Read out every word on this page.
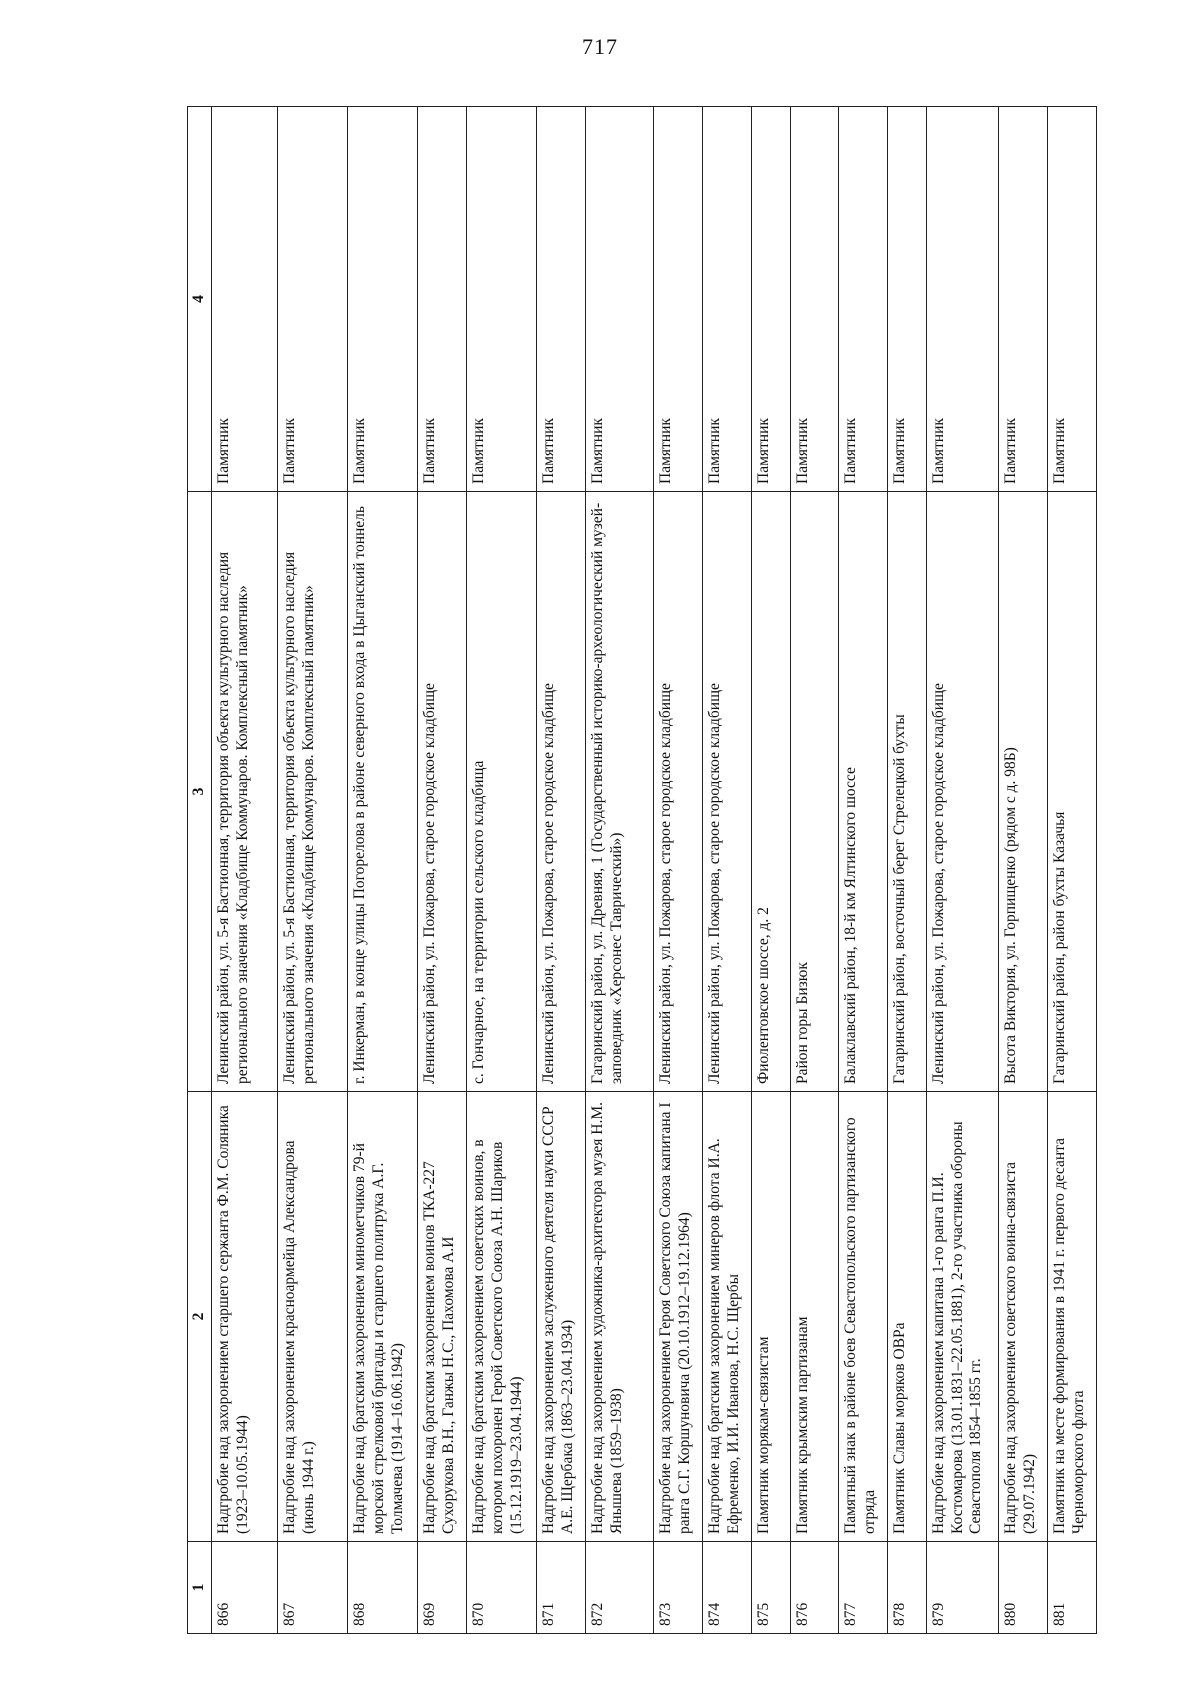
717
1	2	3	4
866	Надгробие над захоронением старшего сержанта Ф.М. Соляника (1923–10.05.1944)	Ленинский район, ул. 5-я Бастионная, территория объекта культурного наследия регионального значения «Кладбище Коммунаров. Комплексный памятник»	Памятник
867	Надгробие над захоронением красноармейца Александрова (июнь 1944 г.)	Ленинский район, ул. 5-я Бастионная, территория объекта культурного наследия регионального значения «Кладбище Коммунаров. Комплексный памятник»	Памятник
868	Надгробие над братским захоронением минометчиков 79-й морской стрелковой бригады и старшего политрука А.Г. Толмачева (1914–16.06.1942)	г. Инкерман, в конце улицы Погорелова в районе северного входа в Цыганский тоннель	Памятник
869	Надгробие над братским захоронением воинов ТКА-227 Сухорукова В.Н., Ганжы Н.С., Пахомова А.И	Ленинский район, ул. Пожарова, старое городское кладбище	Памятник
870	Надгробие над братским захоронением советских воинов, в котором похоронен Герой Советского Союза А.Н. Шариков (15.12.1919–23.04.1944)	с. Гончарное, на территории сельского кладбища	Памятник
871	Надгробие над захоронением заслуженного деятеля науки СССР А.Е. Щербака (1863–23.04.1934)	Ленинский район, ул. Пожарова, старое городское кладбище	Памятник
872	Надгробие над захоронением художника-архитектора музея Н.М. Янышева (1859–1938)	Гагаринский район, ул. Древняя, 1 (Государственный историко-археологический музей-заповедник «Херсонес Таврический»)	Памятник
873	Надгробие над захоронением Героя Советского Союза капитана I ранга С.Г. Коршуновича (20.10.1912–19.12.1964)	Ленинский район, ул. Пожарова, старое городское кладбище	Памятник
874	Надгробие над братским захоронением минеров флота И.А. Ефременко, И.И. Иванова, Н.С. Щербы	Ленинский район, ул. Пожарова, старое городское кладбище	Памятник
875	Памятник морякам-связистам	Фиолентовское шоссе, д. 2	Памятник
876	Памятник крымским партизанам	Район горы Бизюк	Памятник
877	Памятный знак в районе боев Севастопольского партизанского отряда	Балаклавский район, 18-й км Ялтинского шоссе	Памятник
878	Памятник Славы моряков ОВРа	Гагаринский район, восточный берег Стрелецкой бухты	Памятник
879	Надгробие над захоронением капитана 1-го ранга П.И. Костомарова (13.01.1831–22.05.1881), 2-го участника обороны Севастополя 1854–1855 гг.	Ленинский район, ул. Пожарова, старое городское кладбище	Памятник
880	Надгробие над захоронением советского воина-связиста (29.07.1942)	Высота Виктория, ул. Горпищенко (рядом с д. 98Б)	Памятник
881	Памятник на месте формирования в 1941 г. первого десанта Черноморского флота	Гагаринский район, район бухты Казачья	Памятник
